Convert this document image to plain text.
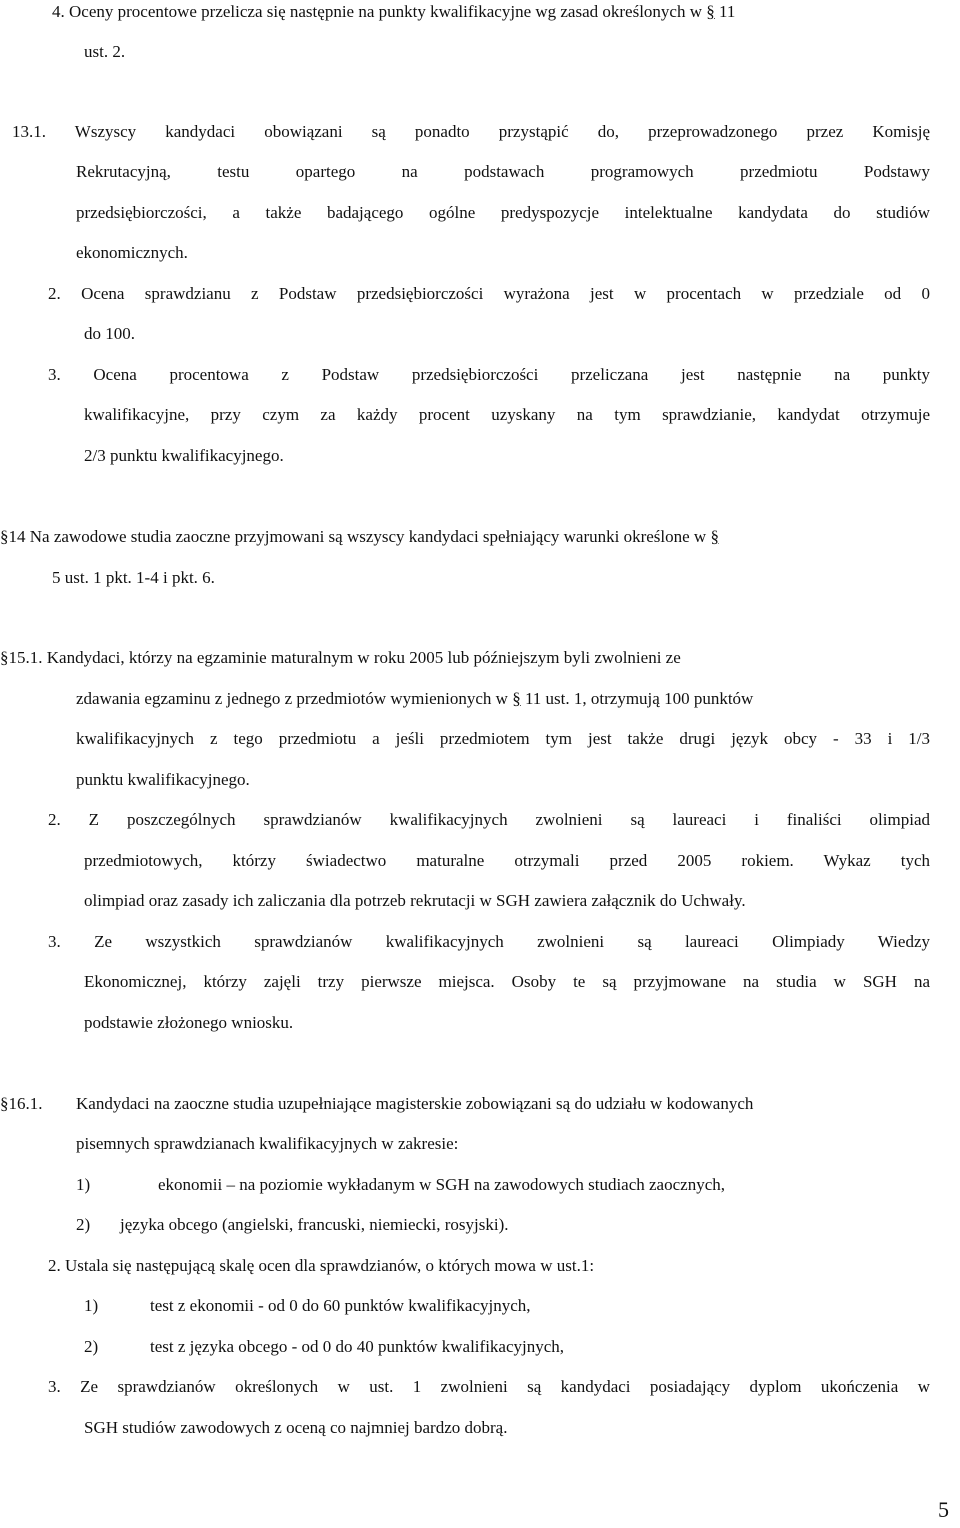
4. Oceny procentowe przelicza się następnie na punkty kwalifikacyjne wg zasad określonych w § 11
ust. 2.
13.1. Wszyscy kandydaci obowiązani są ponadto przystąpić do, przeprowadzonego przez Komisję
Rekrutacyjną, testu opartego na podstawach programowych przedmiotu Podstawy
przedsiębiorczości, a także badającego ogólne predyspozycje intelektualne kandydata do studiów
ekonomicznych.
2. Ocena sprawdzianu z Podstaw przedsiębiorczości wyrażona jest w procentach w przedziale od 0
do 100.
3. Ocena procentowa z Podstaw przedsiębiorczości przeliczana jest następnie na punkty
kwalifikacyjne, przy czym za każdy procent uzyskany na tym sprawdzianie, kandydat otrzymuje
2/3 punktu kwalifikacyjnego.
§14 Na zawodowe studia zaoczne przyjmowani są wszyscy kandydaci spełniający warunki określone w §
5 ust. 1 pkt. 1-4 i pkt. 6.
§15.1. Kandydaci, którzy na egzaminie maturalnym w roku 2005 lub późniejszym byli zwolnieni ze
zdawania egzaminu z jednego z przedmiotów wymienionych w § 11 ust. 1, otrzymują 100 punktów
kwalifikacyjnych z tego przedmiotu a jeśli przedmiotem tym jest także drugi język obcy - 33 i 1/3
punktu kwalifikacyjnego.
2. Z poszczególnych sprawdzianów kwalifikacyjnych zwolnieni są laureaci i finaliści olimpiad
przedmiotowych, którzy świadectwo maturalne otrzymali przed 2005 rokiem. Wykaz tych
olimpiad oraz zasady ich zaliczania dla potrzeb rekrutacji w SGH zawiera załącznik do Uchwały.
3. Ze wszystkich sprawdzianów kwalifikacyjnych zwolnieni są laureaci Olimpiady Wiedzy
Ekonomicznej, którzy zajęli trzy pierwsze miejsca. Osoby te są przyjmowane na studia w SGH na
podstawie złożonego wniosku.
§16.1. Kandydaci na zaoczne studia uzupełniające magisterskie zobowiązani są do udziału w kodowanych
pisemnych sprawdzianach kwalifikacyjnych w zakresie:
1)	ekonomii – na poziomie wykładanym w SGH na zawodowych studiach zaocznych,
2) języka obcego (angielski, francuski, niemiecki, rosyjski).
2. Ustala się następującą skalę ocen dla sprawdzianów, o których mowa w ust.1:
1)	test z ekonomii - od 0 do 60 punktów kwalifikacyjnych,
2)	test z języka obcego - od 0 do 40 punktów kwalifikacyjnych,
3. Ze sprawdzianów określonych w ust. 1 zwolnieni są kandydaci posiadający dyplom ukończenia w
SGH studiów zawodowych z oceną co najmniej bardzo dobrą.
5
